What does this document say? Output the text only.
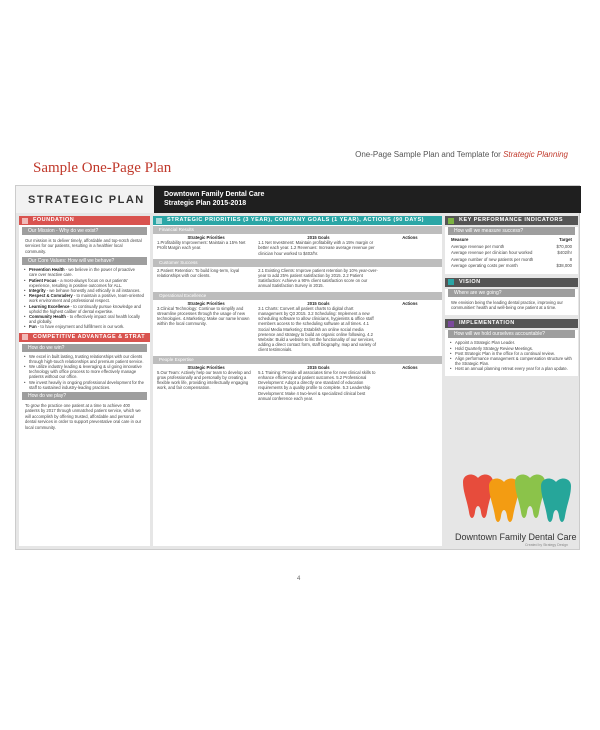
One-Page Sample Plan and Template for Strategic Planning
Sample One-Page Plan
STRATEGIC PLAN	Downtown Family Dental Care
Strategic Plan 2015-2018
FOUNDATION
Our Mission - Why do we exist?
Our mission is to deliver timely, affordable and top-notch dental services for our patients, resulting in a healthier local community.
Our Core Values: How will we behave?
• Prevention Health - we believe in the power of proactive care over reactive care.
• Patient Focus - a most-always focus on our patients' experience, resulting in positive outcomes for ALL.
• Integrity - we behave honestly and ethically in all instances.
• Respect & Comradery - to maintain a positive, team-oriented work environment and professional respect.
• Learning Excellence - to continually pursue knowledge and uphold the highest caliber of dental expertise.
• Community Health - to effectively impact oral health locally and globally.
• Fun - to have enjoyment and fulfillment in our work.
COMPETITIVE ADVANTAGE & STRAT
How do we win?
• We excel in built lasting, trusting relationships with our clients through high-touch relationships and premium patient service.
• We utilize industry leading & leveraging & ul going innovative technology with office process to more effectively manage patients without our office.
• We invest heavily in ongoing professional development for the staff to sustained industry-leading practices.
How do we play?
To grow the practice one patient at a time to achieve 400 patients by 2017 through unmatched patient service, which we will accomplish by offering trusted, affordable and personal dental services in order to support preventative oral care in our local community.
STRATEGIC PRIORITIES (3 YEAR), COMPANY GOALS (1 YEAR), ACTIONS (90 DAYS)
Financial Results
Strategic Priorities	2015 Goals	Actions
1.Profitability Improvement: Maintain a 15% Net Profit Margin each year.
1.1 Net Investment: Maintain profitability with a 15% margin or better each year. 1.2 Revenues: Increase average revenue per clinician hour worked to $402/hr.
Customer Success
2.Patient Retention: To build long-term, loyal relationships with our clients.
2.1 Existing Clients: Improve patient retention by 10% year-over-year to add 25% patient satisfaction by 2015. 2.2 Patient Satisfaction: Achieve a 90% client satisfaction score on our annual Satisfaction Survey in 2015.
Operational Excellence
Strategic Priorities	2015 Goals	Actions
3.Clinical Technology: Continue to simplify and streamline processes through the usage of new technologies. 4.Marketing: Make our name known within the local community.
3.1 Charts: Convert all patient charts to digital chart management by Q3 2015. 3.2 Scheduling: Implement a new scheduling software to allow clinicians, hygienists & office staff members access to the scheduling software at all times. 4.1 Social Media Marketing: Establish an online social media presence and strategy to build an organic online following. 4.2 Website: Build a website to list the functionality of our services, adding a direct contact form, staff biography, map and variety of client testimonials.
People Expertise
Strategic Priorities	2015 Goals	Actions
5.Our Team: Actively help our team to develop and grow professionally and personally by creating a flexible work life, providing intellectually engaging work, and fair compensation.
5.1 Training: Provide all associates time for new clinical skills to enhance efficiency and patient outcomes. 5.2 Professional Development: Adopt a directly one standard of education requirements by a quality profile to complete. 5.3 Leadership Development: Make 4 two-level & specialized clinical best annual conference each year.
KEY PERFORMANCE INDICATORS
How will we measure success?
Measure	Target
Average revenue per month	$70,000
Average revenue per clinician hour worked	$402/hr
Average number of new patients per month	8
Average operating costs per month	$38,000
VISION
Where are we going?
We envision being the leading dental practice, improving our communities' health and well-being one patient at a time.
IMPLEMENTATION
How will we hold ourselves accountable?
• Appoint a Strategic Plan Leader.
• Hold Quarterly Strategy Review Meetings.
• Post Strategic Plan in the office for a continual review.
• Align performance management & compensation structure with the Strategic Plan.
• Host an annual planning retreat every year for a plan update.
Downtown Family Dental Care
Created by Strategy Design
4
